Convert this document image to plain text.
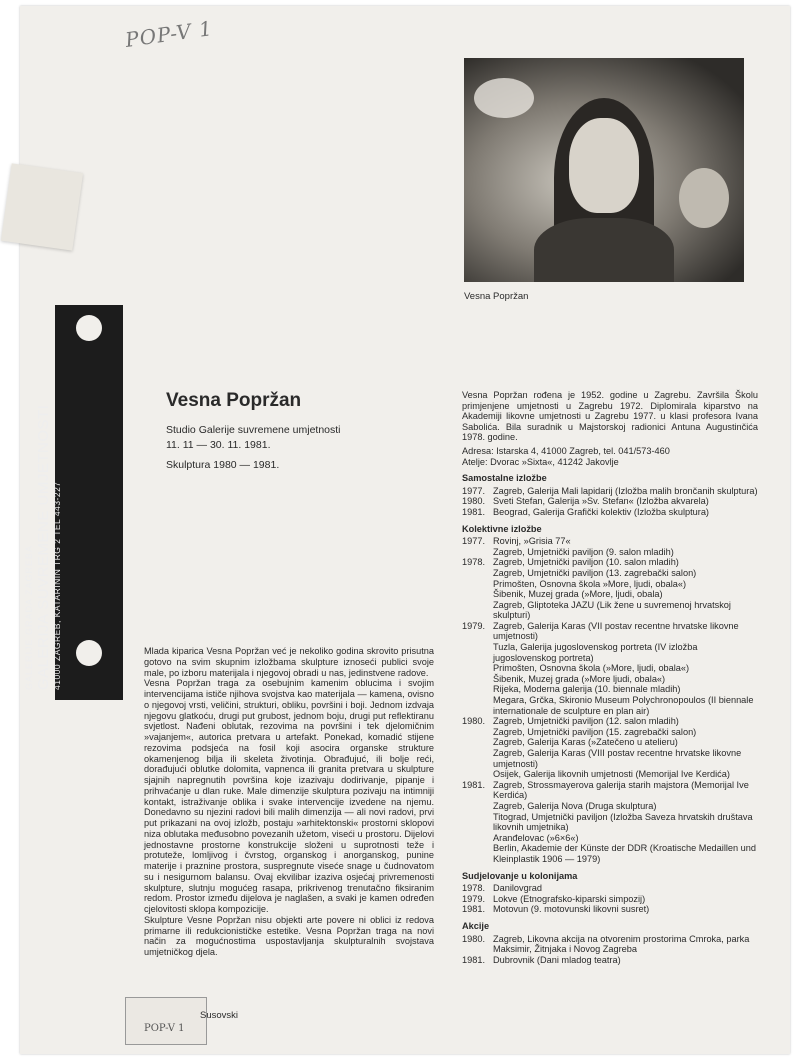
POP-V 1
GALERIJE GRADA ZAGREBA GALERIJA SUVREMENE UMJETNOSTI 41000 ZAGREB, KATARININ TRG 2 TEL 443-227
Vesna Popržan
Vesna Popržan
Studio Galerije suvremene umjetnosti
11. 11 — 30. 11. 1981.
Skulptura 1980 — 1981.

Mlada kiparica Vesna Popržan već je nekoliko godina skrovito prisutna gotovo na svim skupnim izložbama skulpture iznoseći publici svoje male, po izboru materijala i njegovoj obradi u nas, jedinstvene radove.

Vesna Popržan traga za osebujnim kamenim oblucima i svojim intervencijama ističe njihova svojstva kao materijala — kamena, ovisno o njegovoj vrsti, veličini, strukturi, obliku, površini i boji. Jednom izdvaja njegovu glatkoću, drugi put grubost, jednom boju, drugi put reflektiranu svjetlost. Nađeni oblutak, rezovima na površini i tek djelomičnim »vajanjem«, autorica pretvara u artefakt. Ponekad, komadić stijene rezovima podsjeća na fosil koji asocira organske strukture okamenjenog bilja ili skeleta životinja. Obrađujuć, ili bolje reći, dorađujući oblutke dolomita, vapnenca ili granita pretvara u skulpture sjajnih napregnutih površina koje izazivaju dodirivanje, pipanje i prihvaćanje u dlan ruke. Male dimenzije skulptura pozivaju na intimniji kontakt, istraživanje oblika i svake intervencije izvedene na njemu. Donedavno su njezini radovi bili malih dimenzija — ali novi radovi, prvi put prikazani na ovoj izložb, postaju »arhitektonski« prostorni sklopovi niza oblutaka međusobno povezanih užetom, viseći u prostoru. Dijelovi jednostavne prostorne konstrukcije složeni u suprotnosti teže i protuteže, lomljivog i čvrstog, organskog i anorganskog, punine materije i praznine prostora, suspregnute viseće snage u čudnovatom su i nesigurnom balansu. Ovaj ekvilibar izaziva osjećaj privremenosti skulpture, slutnju mogućeg rasapa, prikrivenog trenutačno fiksiranim redom. Prostor između dijelova je naglašen, a svaki je kamen određen cjelovitosti sklopa kompozicije.

Skulpture Vesne Popržan nisu objekti arte povere ni oblici iz redova primarne ili redukcionističke estetike. Vesna Popržan traga na novi način za mogućnostima uspostavljanja skulpturalnih svojstava umjetničkog djela.

POP-V 1
Susovski

Vesna Popržan rođena je 1952. godine u Zagrebu. Završila Školu primjenjene umjetnosti u Zagrebu 1972. Diplomirala kiparstvo na Akademiji likovne umjetnosti u Zagrebu 1977. u klasi profesora Ivana Sabolića. Bila suradnik u Majstorskoj radionici Antuna Augustinčića 1978. godine.

Adresa: Istarska 4, 41000 Zagreb, tel. 041/573-460

Atelje: Dvorac »Sixta«, 41242 Jakovlje

Samostalne izložbe
1977. Zagreb, Galerija Mali lapidarij (Izložba malih brončanih skulptura)
1980. Sveti Stefan, Galerija »Sv. Stefan« (Izložba akvarela)
1981. Beograd, Galerija Grafički kolektiv (Izložba skulptura)
Kolektivne izložbe
1977. Rovinj, »Grisia 77«
Zagreb, Umjetnički paviljon (9. salon mladih)
1978. Zagreb, Umjetnički paviljon (10. salon mladih)
Zagreb, Umjetnički paviljon (13. zagrebački salon)
Primošten, Osnovna škola »More, ljudi, obala«)
Šibenik, Muzej grada (»More, ljudi, obala)
Zagreb, Gliptoteka JAZU (Lik žene u suvremenoj hrvatskoj skulpturi)
1979. Zagreb, Galerija Karas (VII postav recentne hrvatske likovne umjetnosti)
Tuzla, Galerija jugoslovenskog portreta (IV izložba jugoslovenskog portreta)
Primošten, Osnovna škola (»More, ljudi, obala«)
Šibenik, Muzej grada (»More ljudi, obala«)
Rijeka, Moderna galerija (10. biennale mladih)
Megara, Grčka, Skironio Museum Polychronopoulos (II biennale internationale de sculpture en plan air)
1980. Zagreb, Umjetnički paviljon (12. salon mladih)
Zagreb, Umjetnički paviljon (15. zagrebački salon)
Zagreb, Galerija Karas (»Zatečeno u atelieru)
Zagreb, Galerija Karas (VIII postav recentne hrvatske likovne umjetnosti)
Osijek, Galerija likovnih umjetnosti (Memorijal Ive Kerdića)
1981. Zagreb, Strossmayerova galerija starih majstora (Memorijal Ive Kerdića)
Zagreb, Galerija Nova (Druga skulptura)
Titograd, Umjetnički paviljon (Izložba Saveza hrvatskih društava likovnih umjetnika)
Aranđelovac (»6×6«)
Berlin, Akademie der Künste der DDR (Kroatische Medaillen und Kleinplastik 1906 — 1979)
Sudjelovanje u kolonijama
1978. Danilovgrad
1979. Lokve (Etnografsko-kiparski simpozij)
1981. Motovun (9. motovunski likovni susret)
Akcije
1980. Zagreb, Likovna akcija na otvorenim prostorima Cmroka, parka Maksimir, Žitnjaka i Novog Zagreba
1981. Dubrovnik (Dani mladog teatra)
